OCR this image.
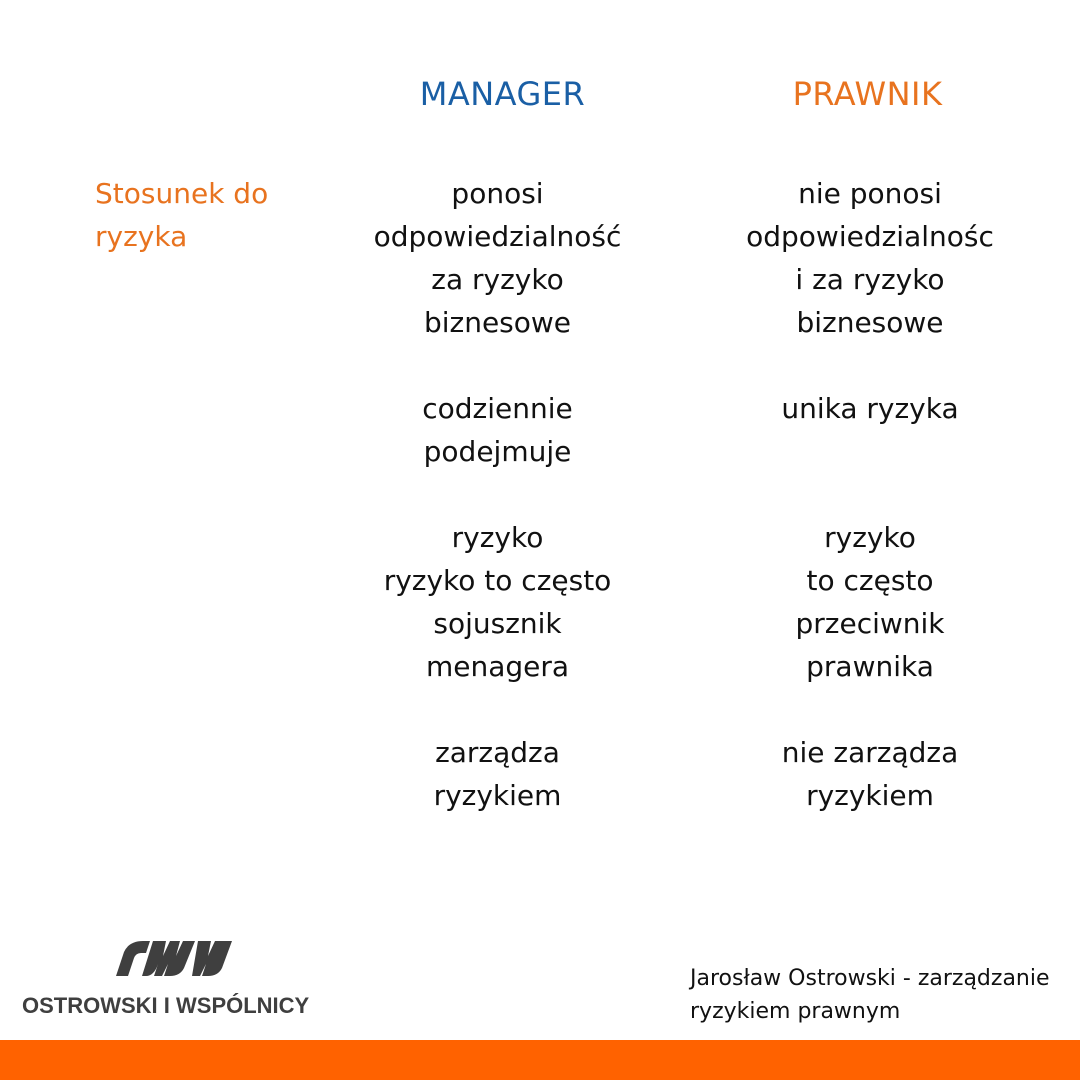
MANAGER	PRAWNIK
Stosunek do
ryzyka
ponosi
odpowiedzialność
za ryzyko
biznesowe
codziennie
podejmuje
ryzyko
ryzyko to często
sojusznik
menagera
zarządza
ryzykiem
nie ponosi
odpowiedzialnośc
i za ryzyko
biznesowe
unika ryzyka
ryzyko
to często
przeciwnik
prawnika
nie zarządza
ryzykiem
OSTROWSKI I WSPÓLNICY
Jarosław Ostrowski - zarządzanie
ryzykiem prawnym
